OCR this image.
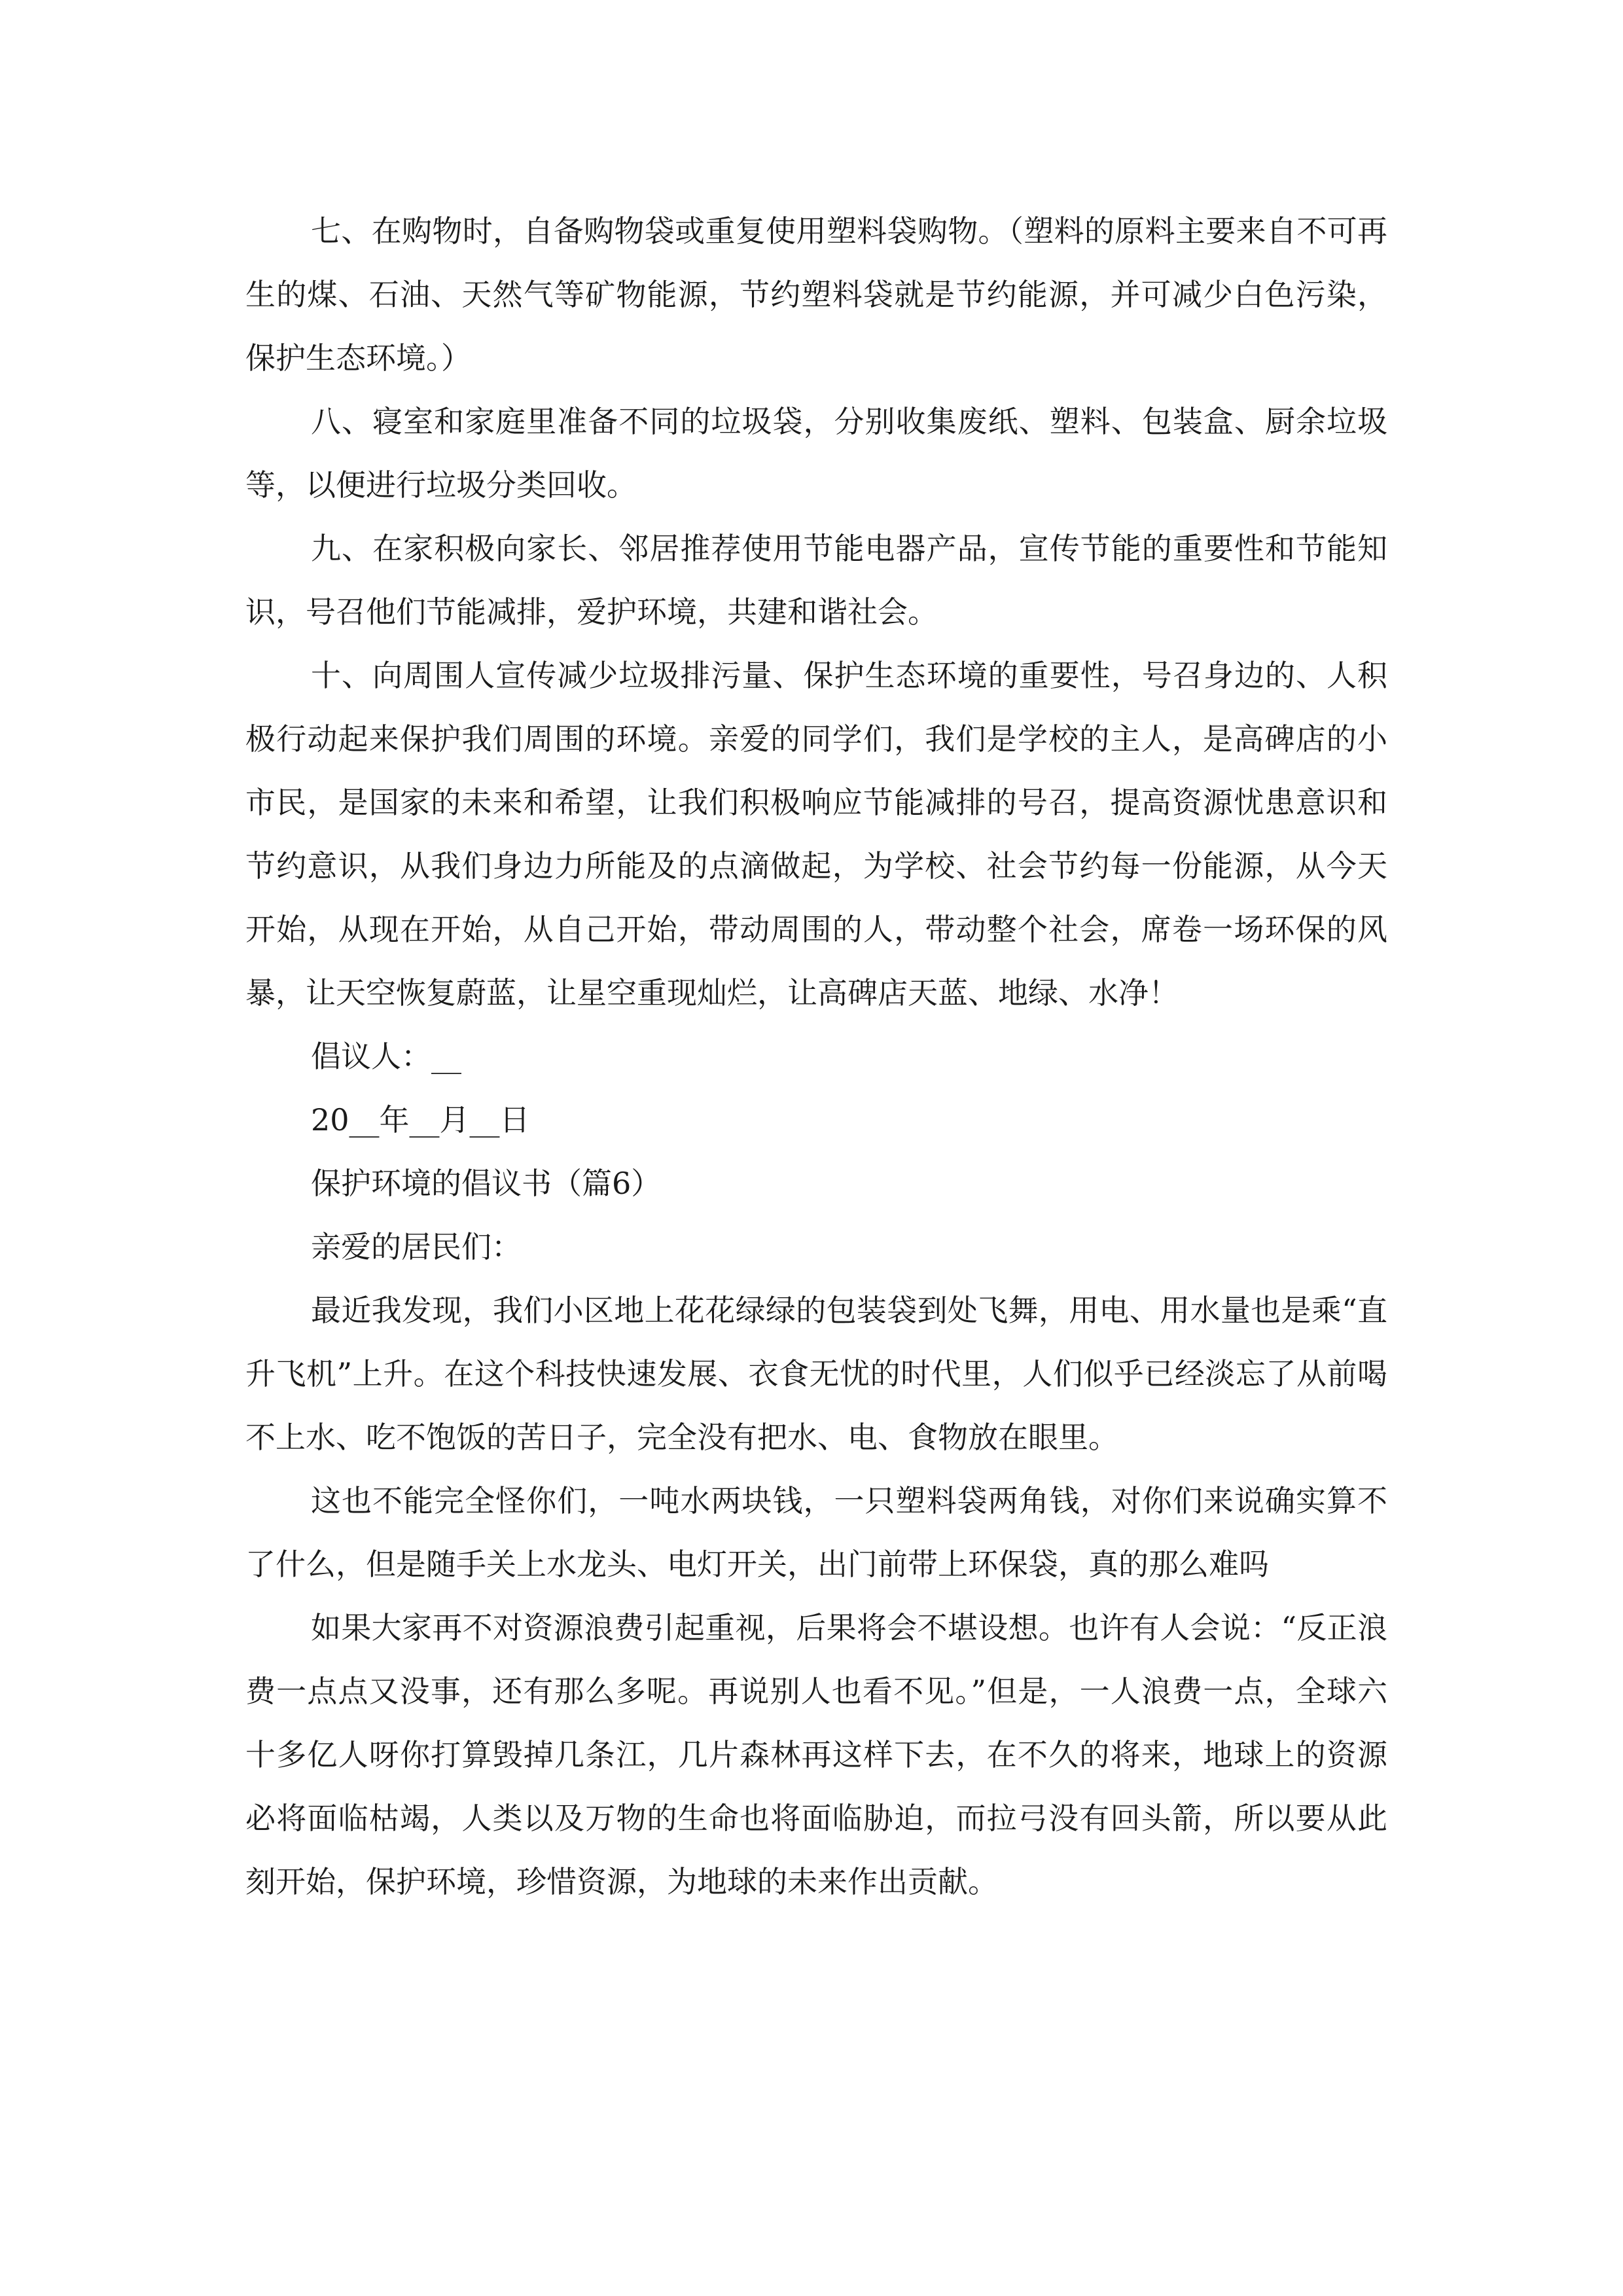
七、在购物时，自备购物袋或重复使用塑料袋购物。（塑料的原料主要来自不可再生的煤、石油、天然气等矿物能源，节约塑料袋就是节约能源，并可减少白色污染，保护生态环境。）

八、寝室和家庭里准备不同的垃圾袋，分别收集废纸、塑料、包装盒、厨余垃圾等，以便进行垃圾分类回收。

九、在家积极向家长、邻居推荐使用节能电器产品，宣传节能的重要性和节能知识，号召他们节能减排，爱护环境，共建和谐社会。

十、向周围人宣传减少垃圾排污量、保护生态环境的重要性，号召身边的、人积极行动起来保护我们周围的环境。亲爱的同学们，我们是学校的主人，是高碑店的小市民，是国家的未来和希望，让我们积极响应节能减排的号召，提高资源忧患意识和节约意识，从我们身边力所能及的点滴做起，为学校、社会节约每一份能源，从今天开始，从现在开始，从自己开始，带动周围的人，带动整个社会，席卷一场环保的风暴，让天空恢复蔚蓝，让星空重现灿烂，让高碑店天蓝、地绿、水净！

倡议人：__

20__年__月__日

保护环境的倡议书（篇6）

亲爱的居民们：

最近我发现，我们小区地上花花绿绿的包装袋到处飞舞，用电、用水量也是乘“直升飞机”上升。在这个科技快速发展、衣食无忧的时代里，人们似乎已经淡忘了从前喝不上水、吃不饱饭的苦日子，完全没有把水、电、食物放在眼里。

这也不能完全怪你们，一吨水两块钱，一只塑料袋两角钱，对你们来说确实算不了什么，但是随手关上水龙头、电灯开关，出门前带上环保袋，真的那么难吗

如果大家再不对资源浪费引起重视，后果将会不堪设想。也许有人会说：“反正浪费一点点又没事，还有那么多呢。再说别人也看不见。”但是，一人浪费一点，全球六十多亿人呀你打算毁掉几条江，几片森林再这样下去，在不久的将来，地球上的资源必将面临枯竭，人类以及万物的生命也将面临胁迫，而拉弓没有回头箭，所以要从此刻开始，保护环境，珍惜资源，为地球的未来作出贡献。
